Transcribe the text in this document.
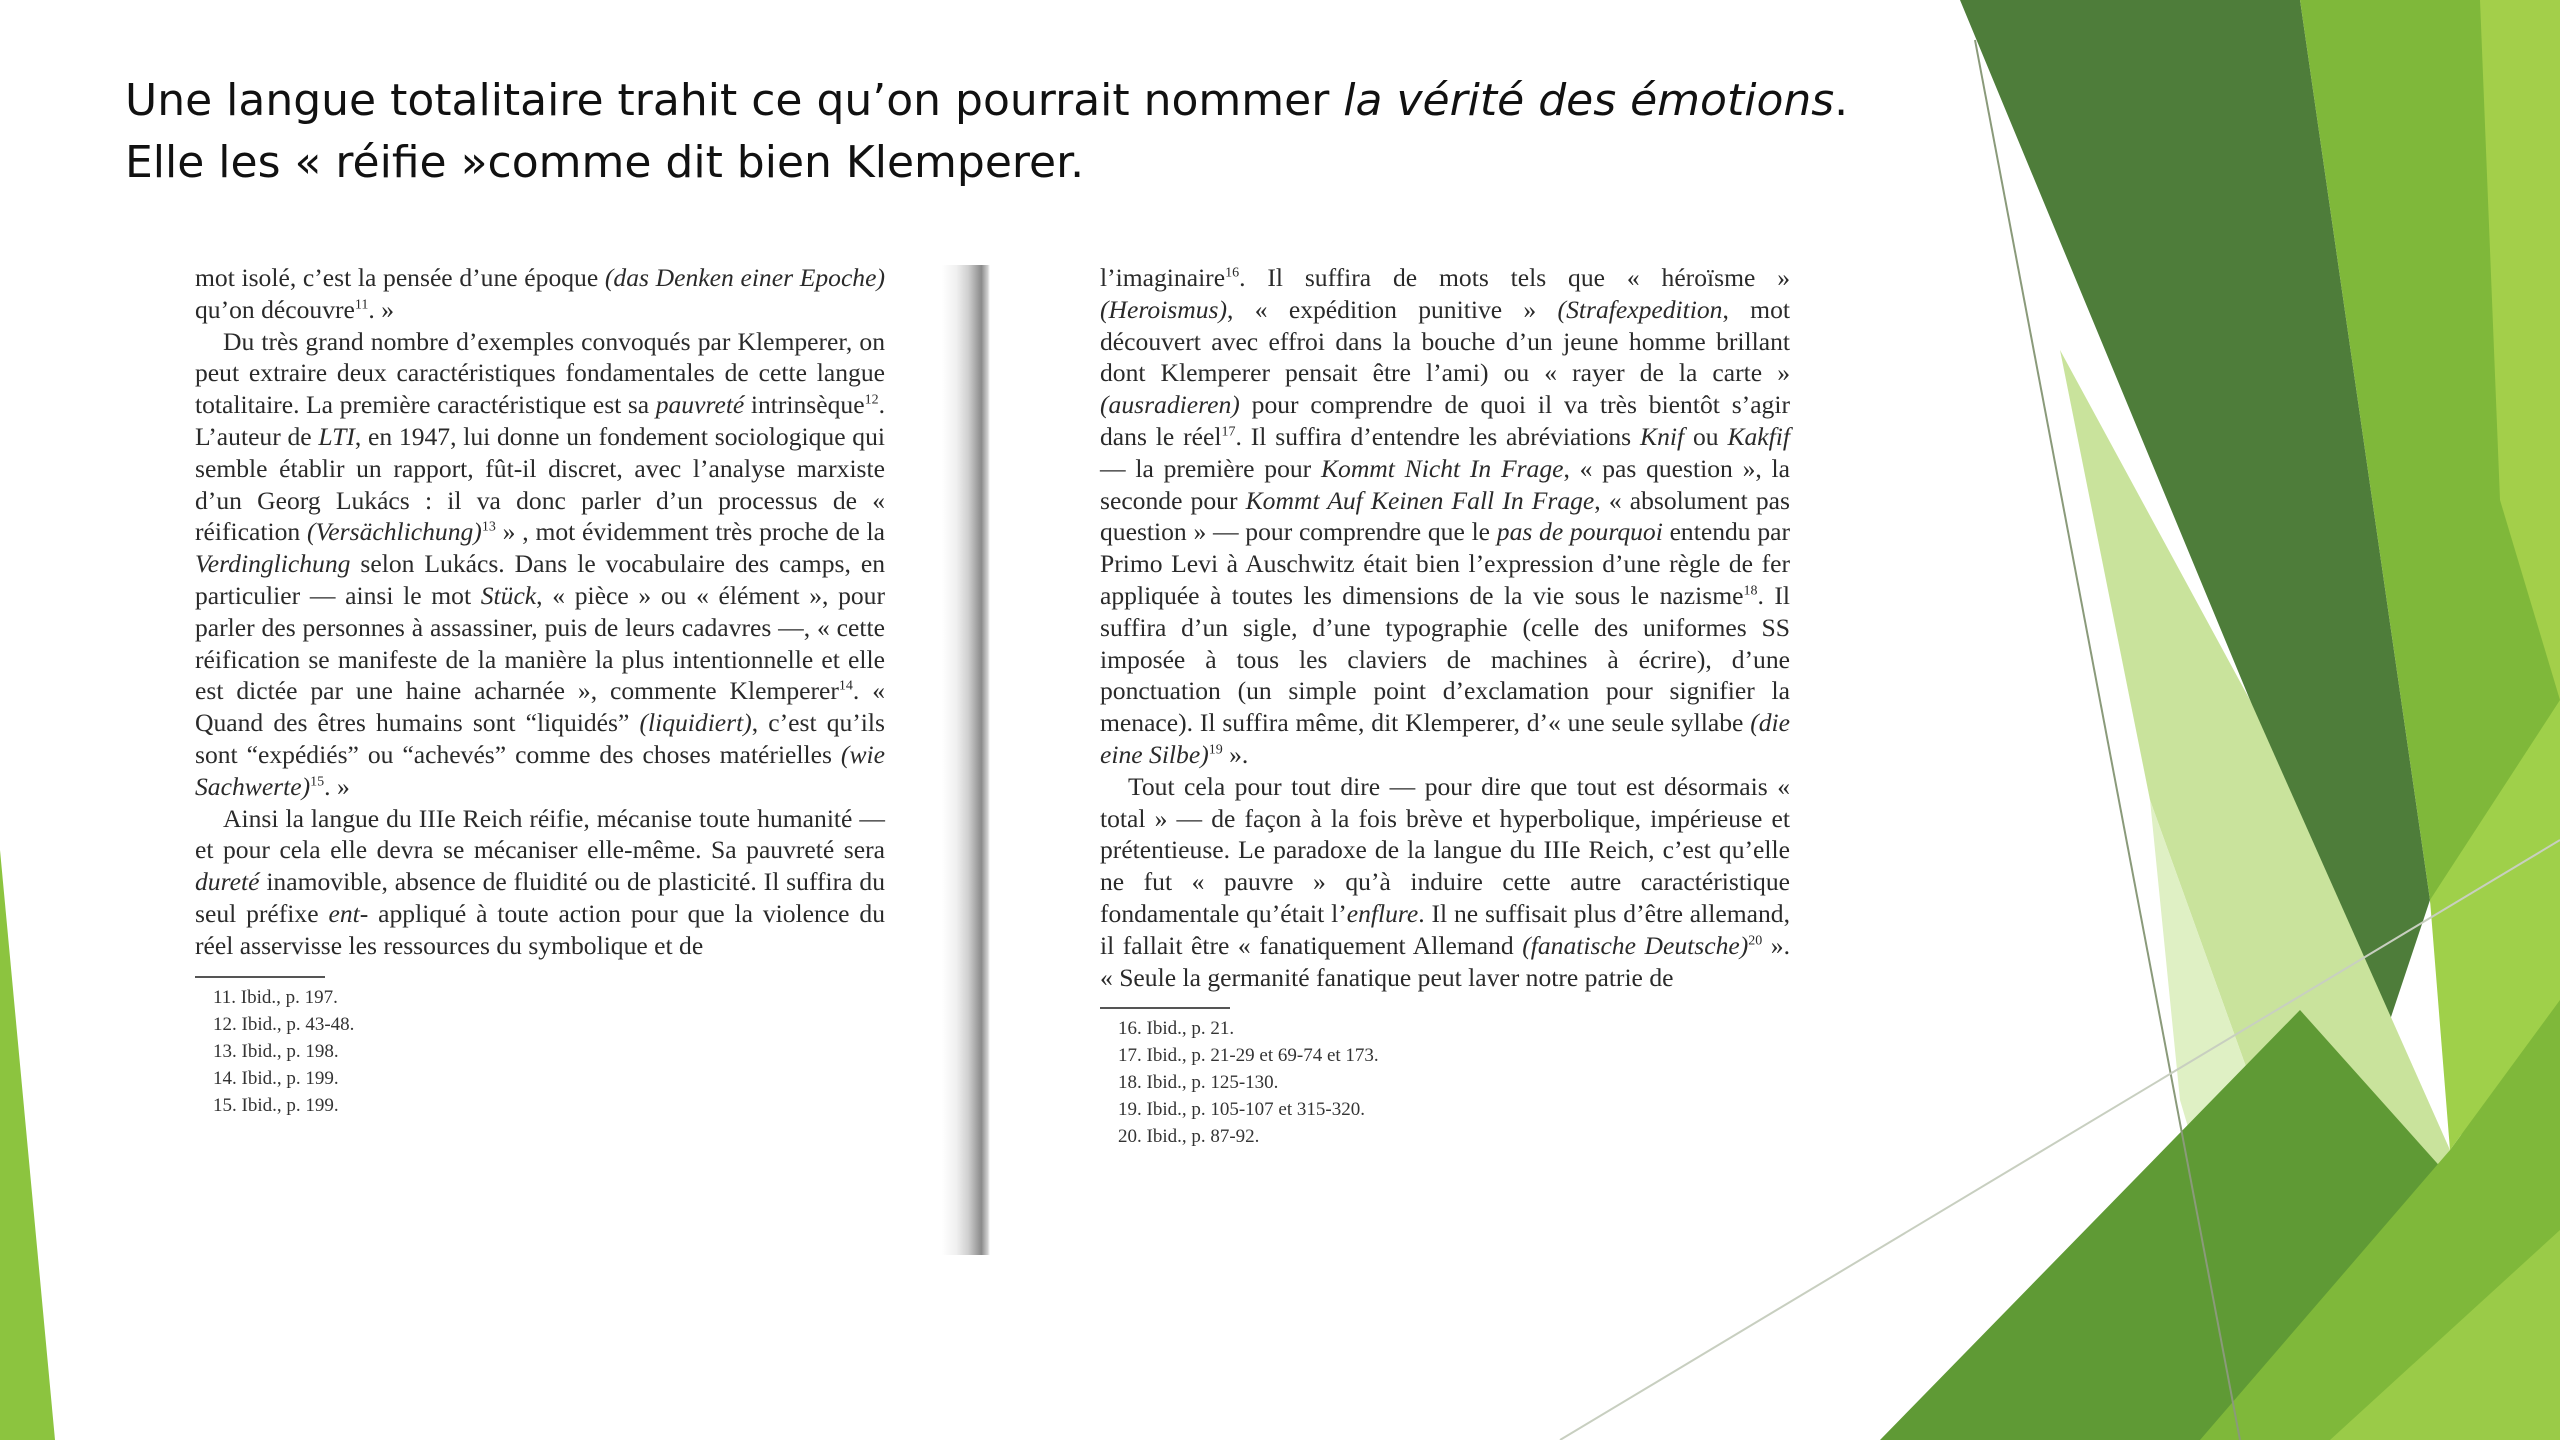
Une langue totalitaire trahit ce qu’on pourrait nommer la vérité des émotions.
Elle les « réifie »comme dit bien Klemperer.

mot isolé, c’est la pensée d’une époque (das Denken einer Epoche) qu’on découvre$^{11}$. »

Du très grand nombre d’exemples convoqués par Klemperer, on peut extraire deux caractéristiques fondamentales de cette langue totalitaire. La première caractéristique est sa pauvreté intrinsèque$^{12}$. L’auteur de LTI, en 1947, lui donne un fondement sociologique qui semble établir un rapport, fût-il discret, avec l’analyse marxiste d’un Georg Lukács : il va donc parler d’un processus de « réification (Versächlichung)$^{13}$ » , mot évidemment très proche de la Verdinglichung selon Lukács. Dans le vocabulaire des camps, en particulier — ainsi le mot Stück, « pièce » ou « élément », pour parler des personnes à assassiner, puis de leurs cadavres —, « cette réification se manifeste de la manière la plus intentionnelle et elle est dictée par une haine acharnée », commente Klemperer$^{14}$. « Quand des êtres humains sont “liquidés” (liquidiert), c’est qu’ils sont “expédiés” ou “achevés” comme des choses matérielles (wie Sachwerte)$^{15}$. »

Ainsi la langue du IIIe Reich réifie, mécanise toute humanité — et pour cela elle devra se mécaniser elle-même. Sa pauvreté sera dureté inamovible, absence de fluidité ou de plasticité. Il suffira du seul préfixe ent- appliqué à toute action pour que la violence du réel asservisse les ressources du symbolique et de

11. Ibid., p. 197.
12. Ibid., p. 43-48.
13. Ibid., p. 198.
14. Ibid., p. 199.
15. Ibid., p. 199.

l’imaginaire$^{16}$. Il suffira de mots tels que « héroïsme » (Heroismus), « expédition punitive » (Strafexpedition, mot découvert avec effroi dans la bouche d’un jeune homme brillant dont Klemperer pensait être l’ami) ou « rayer de la carte » (ausradieren) pour comprendre de quoi il va très bientôt s’agir dans le réel$^{17}$. Il suffira d’entendre les abréviations Knif ou Kakfif — la première pour Kommt Nicht In Frage, « pas question », la seconde pour Kommt Auf Keinen Fall In Frage, « absolument pas question » — pour comprendre que le pas de pourquoi entendu par Primo Levi à Auschwitz était bien l’expression d’une règle de fer appliquée à toutes les dimensions de la vie sous le nazisme$^{18}$. Il suffira d’un sigle, d’une typographie (celle des uniformes SS imposée à tous les claviers de machines à écrire), d’une ponctuation (un simple point d’exclamation pour signifier la menace). Il suffira même, dit Klemperer, d’« une seule syllabe (die eine Silbe)$^{19}$ ».

Tout cela pour tout dire — pour dire que tout est désormais « total » — de façon à la fois brève et hyperbolique, impérieuse et prétentieuse. Le paradoxe de la langue du IIIe Reich, c’est qu’elle ne fut « pauvre » qu’à induire cette autre caractéristique fondamentale qu’était l’enflure. Il ne suffisait plus d’être allemand, il fallait être « fanatiquement Allemand (fanatische Deutsche)$^{20}$ ». « Seule la germanité fanatique peut laver notre patrie de

16. Ibid., p. 21.
17. Ibid., p. 21-29 et 69-74 et 173.
18. Ibid., p. 125-130.
19. Ibid., p. 105-107 et 315-320.
20. Ibid., p. 87-92.
